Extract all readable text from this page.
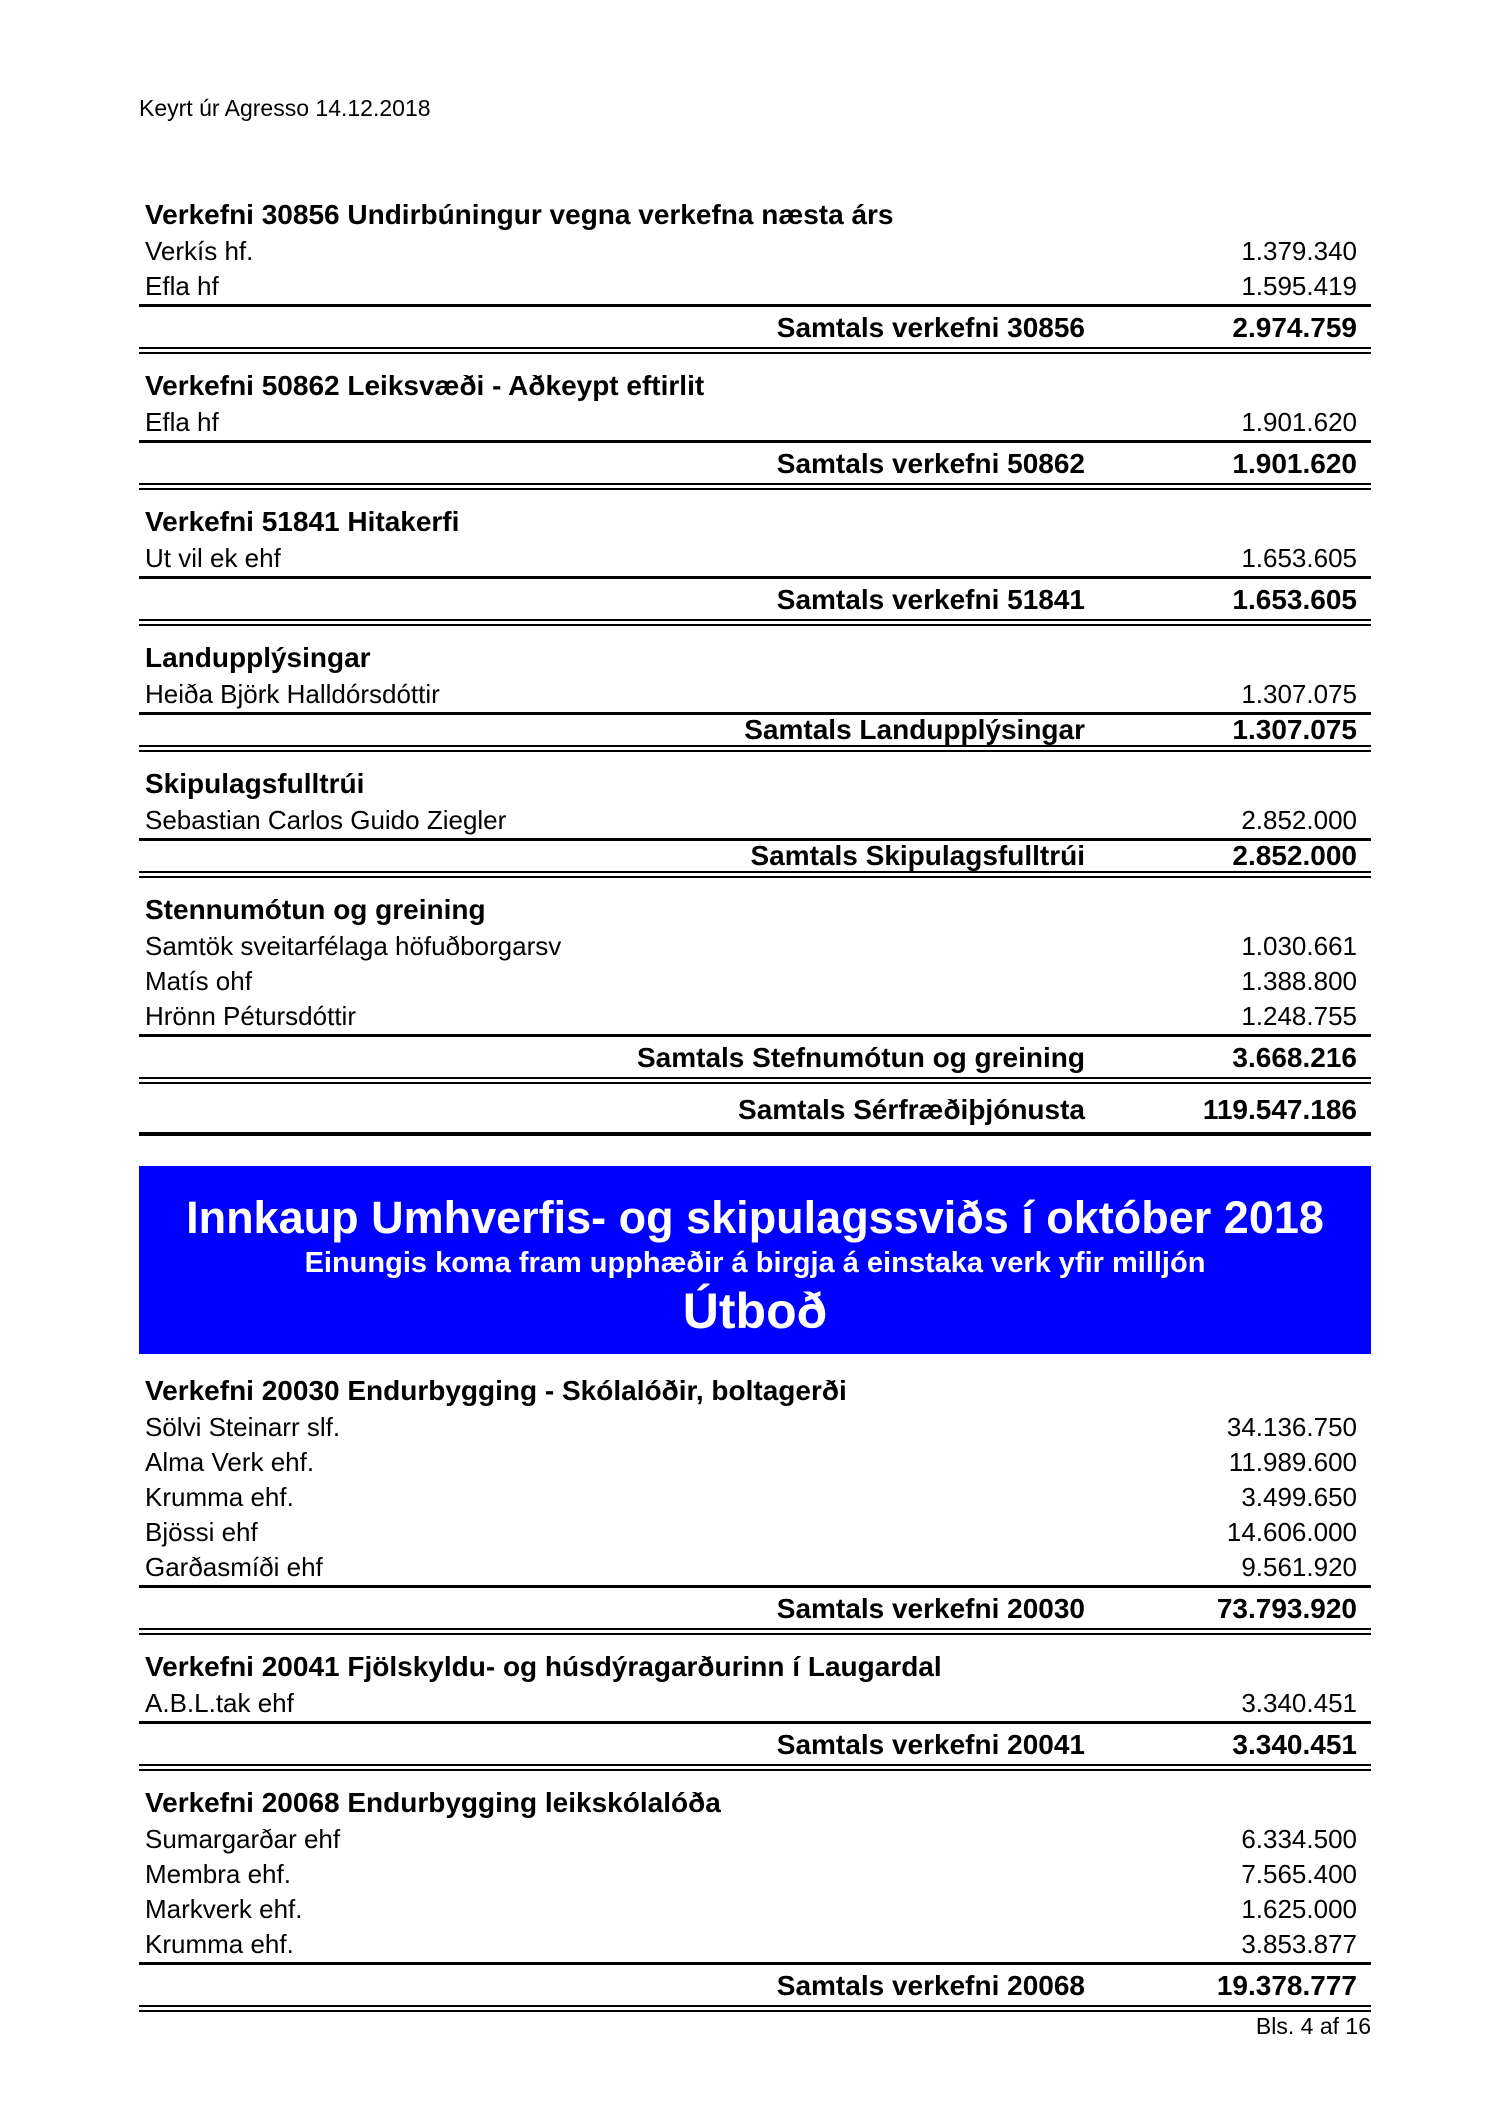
Keyrt úr Agresso 14.12.2018
Verkefni 30856 Undirbúningur vegna verkefna næsta árs
Verkís hf.	1.379.340
Efla hf	1.595.419
Samtals verkefni 30856	2.974.759
Verkefni 50862 Leiksvæði - Aðkeypt eftirlit
Efla hf	1.901.620
Samtals verkefni 50862	1.901.620
Verkefni 51841 Hitakerfi
Ut vil ek ehf	1.653.605
Samtals verkefni 51841	1.653.605
Landupplýsingar
Heiða Björk Halldórsdóttir	1.307.075
Samtals Landupplýsingar	1.307.075
Skipulagsfulltrúi
Sebastian Carlos Guido Ziegler	2.852.000
Samtals Skipulagsfulltrúi	2.852.000
Stennumótun og greining
Samtök sveitarfélaga höfuðborgarsv	1.030.661
Matís ohf	1.388.800
Hrönn Pétursdóttir	1.248.755
Samtals Stefnumótun og greining	3.668.216
Samtals Sérfræðiþjónusta	119.547.186
Innkaup Umhverfis- og skipulagssviðs í október 2018
Einungis koma fram upphæðir á birgja á einstaka verk yfir milljón
Útboð
Verkefni 20030 Endurbygging - Skólalóðir, boltagerði
Sölvi Steinarr slf.	34.136.750
Alma Verk ehf.	11.989.600
Krumma ehf.	3.499.650
Bjössi ehf	14.606.000
Garðasmíði ehf	9.561.920
Samtals verkefni 20030	73.793.920
Verkefni 20041 Fjölskyldu- og húsdýragarðurinn í Laugardal
A.B.L.tak ehf	3.340.451
Samtals verkefni 20041	3.340.451
Verkefni 20068 Endurbygging leikskólalóða
Sumargarðar ehf	6.334.500
Membra ehf.	7.565.400
Markverk ehf.	1.625.000
Krumma ehf.	3.853.877
Samtals verkefni 20068	19.378.777
Bls. 4 af 16
